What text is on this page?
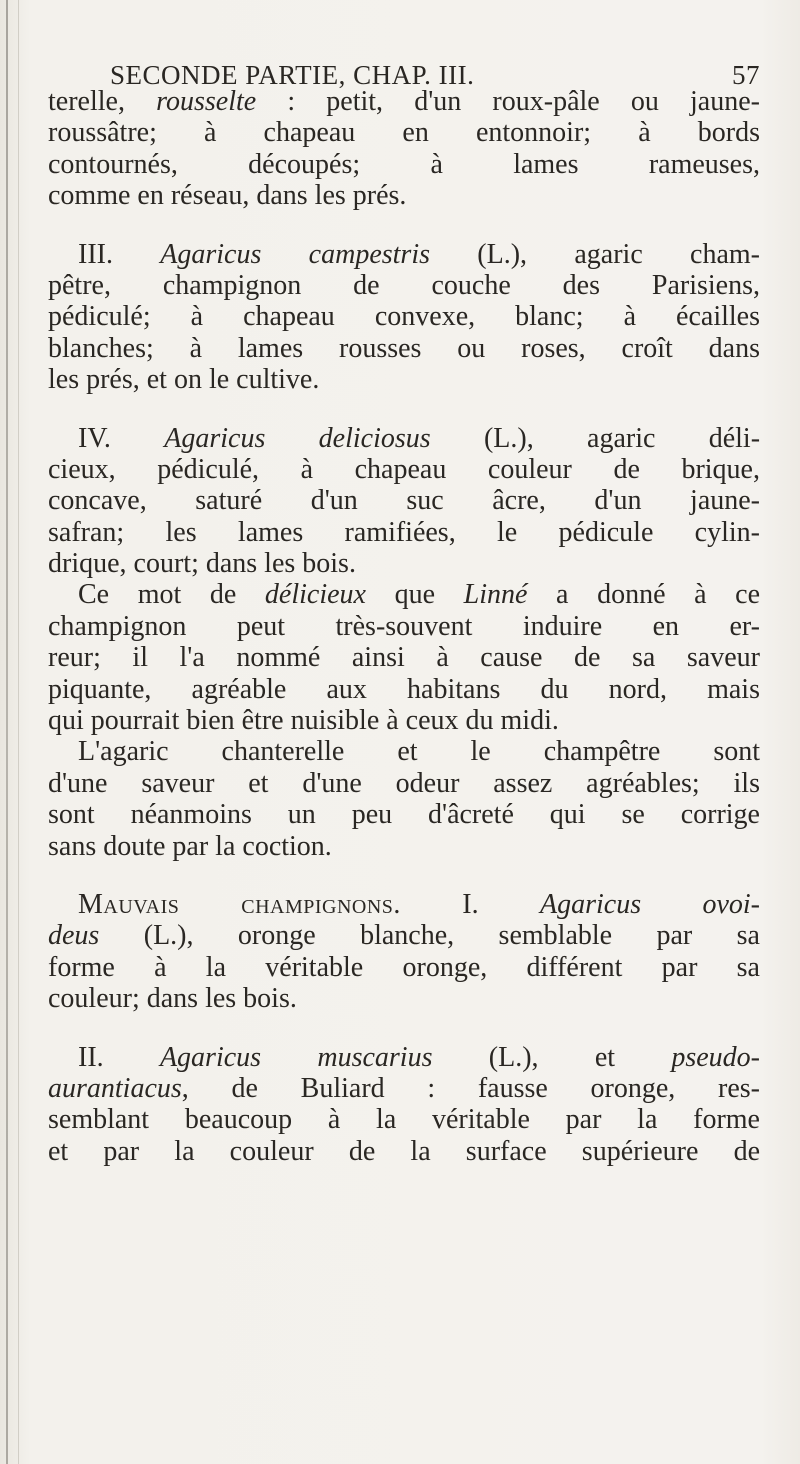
SECONDE PARTIE, CHAP. III.	57
terelle, rousselte : petit, d'un roux-pâle ou jaune-
roussâtre; à chapeau en entonnoir; à bords
contournés, découpés; à lames rameuses,
comme en réseau, dans les prés.
III. Agaricus campestris (L.), agaric cham-
pêtre, champignon de couche des Parisiens,
pédiculé; à chapeau convexe, blanc; à écailles
blanches; à lames rousses ou roses, croît dans
les prés, et on le cultive.
IV. Agaricus deliciosus (L.), agaric déli-
cieux, pédiculé, à chapeau couleur de brique,
concave, saturé d'un suc âcre, d'un jaune-
safran; les lames ramifiées, le pédicule cylin-
drique, court; dans les bois.
Ce mot de délicieux que Linné a donné à ce
champignon peut très-souvent induire en er-
reur; il l'a nommé ainsi à cause de sa saveur
piquante, agréable aux habitans du nord, mais
qui pourrait bien être nuisible à ceux du midi.
L'agaric chanterelle et le champêtre sont
d'une saveur et d'une odeur assez agréables; ils
sont néanmoins un peu d'âcreté qui se corrige
sans doute par la coction.
Mauvais champignons. I. Agaricus ovoi-
deus (L.), oronge blanche, semblable par sa
forme à la véritable oronge, différent par sa
couleur; dans les bois.
II. Agaricus muscarius (L.), et pseudo-
aurantiacus, de Buliard : fausse oronge, res-
semblant beaucoup à la véritable par la forme
et par la couleur de la surface supérieure de
